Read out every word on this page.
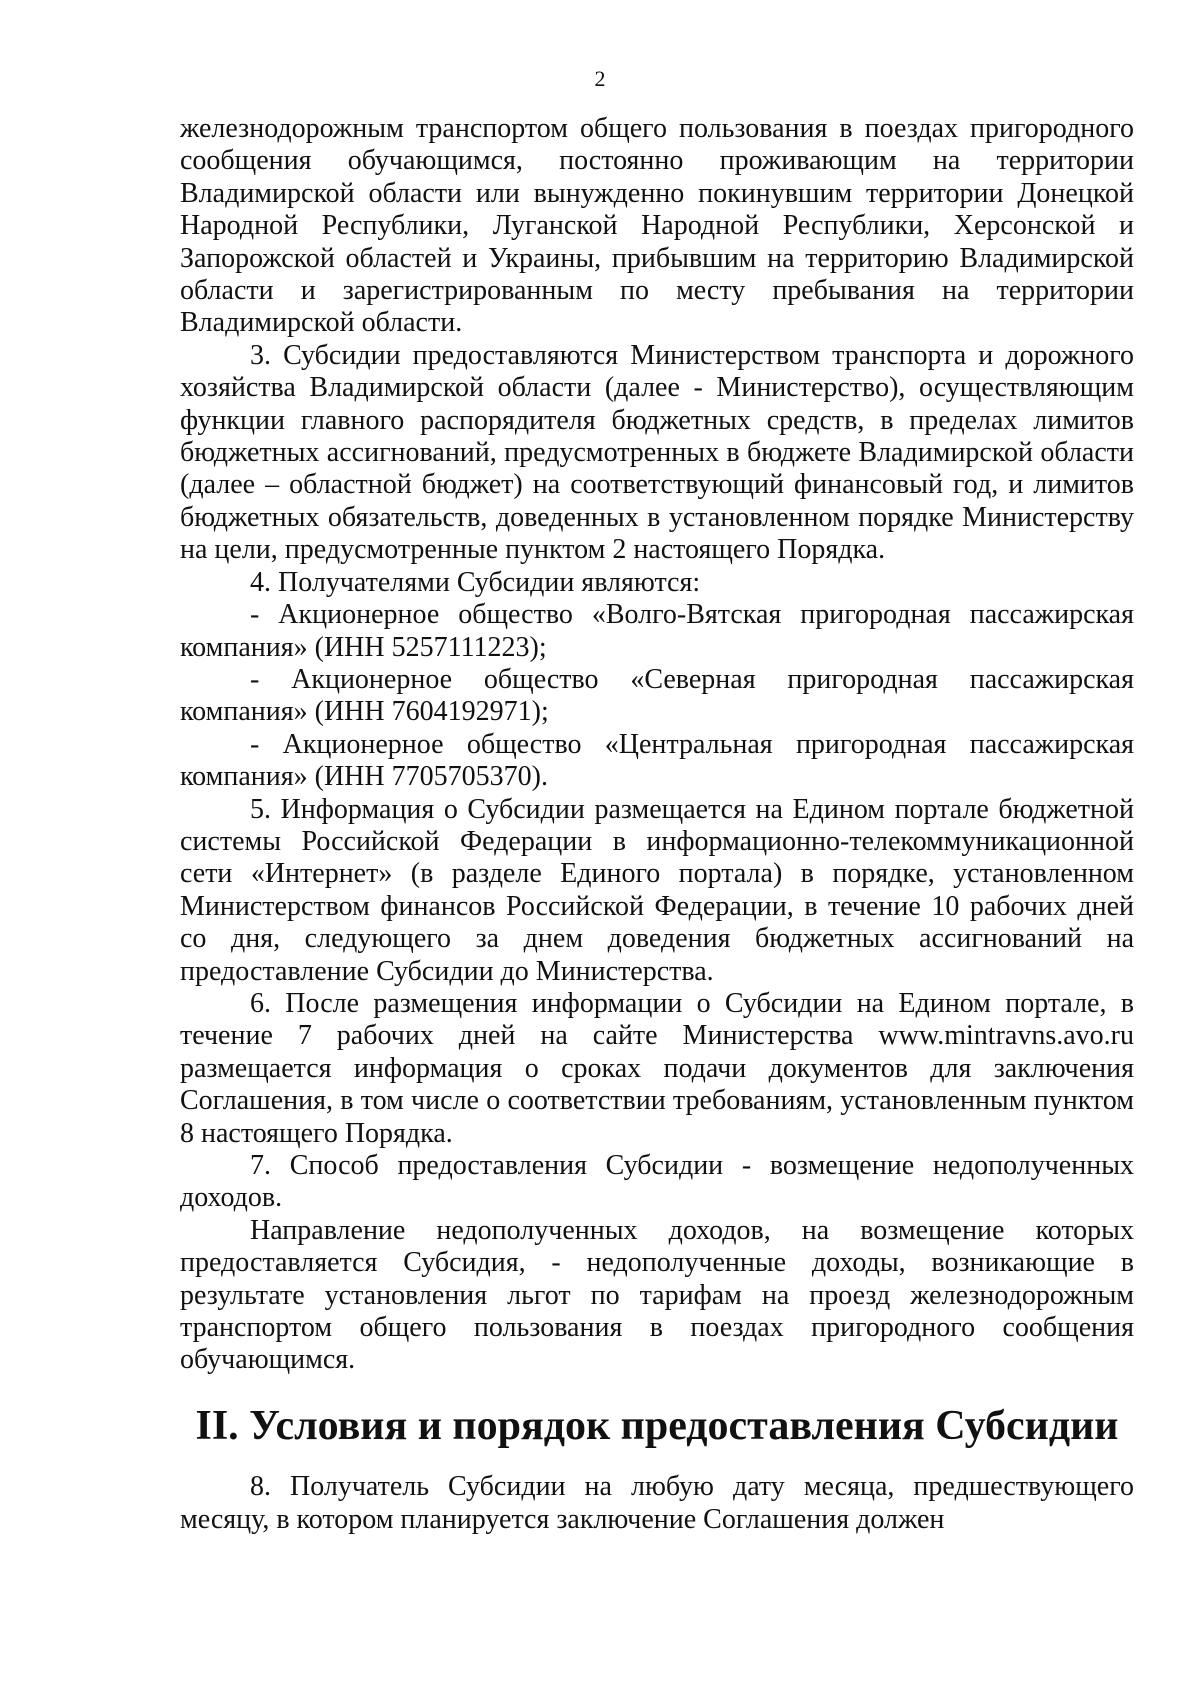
2

железнодорожным транспортом общего пользования в поездах пригородного сообщения обучающимся, постоянно проживающим на территории Владимирской области или вынужденно покинувшим территории Донецкой Народной Республики, Луганской Народной Республики, Херсонской и Запорожской областей и Украины, прибывшим на территорию Владимирской области и зарегистрированным по месту пребывания на территории Владимирской области.

3. Субсидии предоставляются Министерством транспорта и дорожного хозяйства Владимирской области (далее - Министерство), осуществляющим функции главного распорядителя бюджетных средств, в пределах лимитов бюджетных ассигнований, предусмотренных в бюджете Владимирской области (далее – областной бюджет) на соответствующий финансовый год, и лимитов бюджетных обязательств, доведенных в установленном порядке Министерству на цели, предусмотренные пунктом 2 настоящего Порядка.

4. Получателями Субсидии являются:

- Акционерное общество «Волго-Вятская пригородная пассажирская компания» (ИНН 5257111223);

- Акционерное общество «Северная пригородная пассажирская компания» (ИНН 7604192971);

- Акционерное общество «Центральная пригородная пассажирская компания» (ИНН 7705705370).

5. Информация о Субсидии размещается на Едином портале бюджетной системы Российской Федерации в информационно-телекоммуникационной сети «Интернет» (в разделе Единого портала) в порядке, установленном Министерством финансов Российской Федерации, в течение 10 рабочих дней со дня, следующего за днем доведения бюджетных ассигнований на предоставление Субсидии до Министерства.

6. После размещения информации о Субсидии на Едином портале, в течение 7 рабочих дней на сайте Министерства www.mintravns.avo.ru размещается информация о сроках подачи документов для заключения Соглашения, в том числе о соответствии требованиям, установленным пунктом 8 настоящего Порядка.

7. Способ предоставления Субсидии - возмещение недополученных доходов.

Направление недополученных доходов, на возмещение которых предоставляется Субсидия, - недополученные доходы, возникающие в результате установления льгот по тарифам на проезд железнодорожным транспортом общего пользования в поездах пригородного сообщения обучающимся.

II. Условия и порядок предоставления Субсидии

8. Получатель Субсидии на любую дату месяца, предшествующего месяцу, в котором планируется заключение Соглашения должен
